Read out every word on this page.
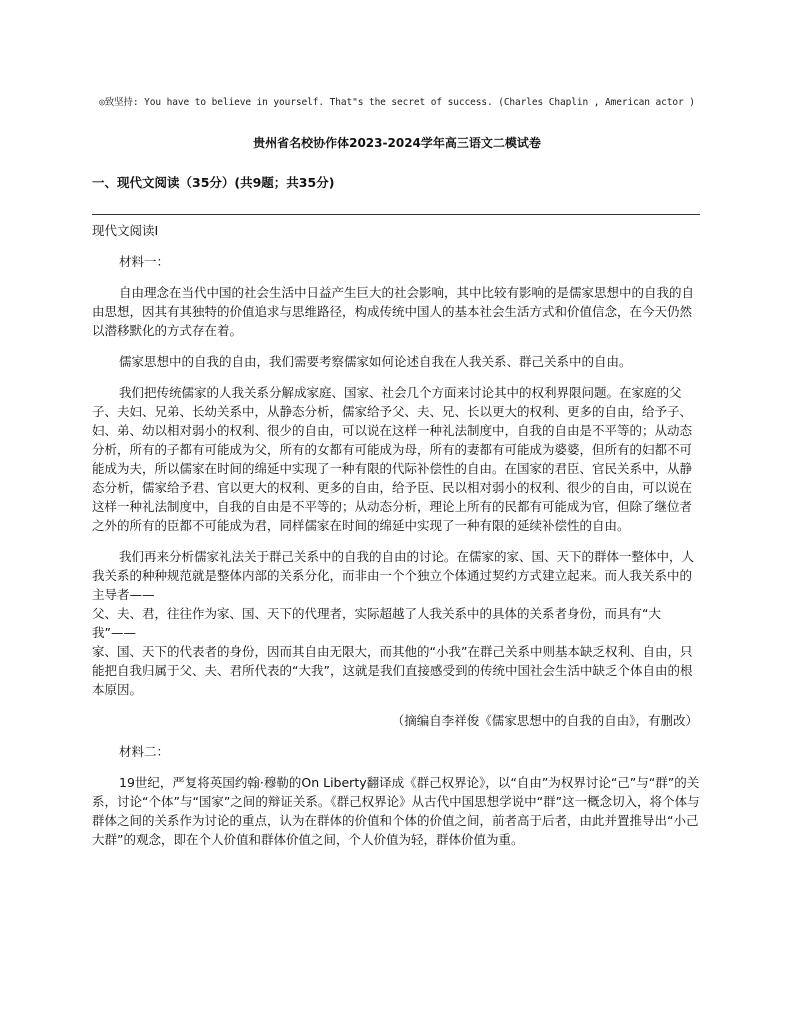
◎致坚持: You have to believe in yourself. That"s the secret of success. (Charles Chaplin , American actor )
贵州省名校协作体2023-2024学年高三语文二模试卷
一、现代文阅读（35分）(共9题；共35分)

现代文阅读Ⅰ

材料一：

自由理念在当代中国的社会生活中日益产生巨大的社会影响，其中比较有影响的是儒家思想中的自我的自由思想，因其有其独特的价值追求与思维路径，构成传统中国人的基本社会生活方式和价值信念，在今天仍然以潜移默化的方式存在着。

儒家思想中的自我的自由，我们需要考察儒家如何论述自我在人我关系、群己关系中的自由。

我们把传统儒家的人我关系分解成家庭、国家、社会几个方面来讨论其中的权利界限问题。在家庭的父子、夫妇、兄弟、长幼关系中，从静态分析，儒家给予父、夫、兄、长以更大的权利、更多的自由，给予子、妇、弟、幼以相对弱小的权利、很少的自由，可以说在这样一种礼法制度中，自我的自由是不平等的；从动态分析，所有的子都有可能成为父，所有的女都有可能成为母，所有的妻都有可能成为婆婆，但所有的妇都不可能成为夫，所以儒家在时间的绵延中实现了一种有限的代际补偿性的自由。在国家的君臣、官民关系中，从静态分析，儒家给予君、官以更大的权利、更多的自由，给予臣、民以相对弱小的权利、很少的自由，可以说在这样一种礼法制度中，自我的自由是不平等的；从动态分析，理论上所有的民都有可能成为官，但除了继位者之外的所有的臣都不可能成为君，同样儒家在时间的绵延中实现了一种有限的延续补偿性的自由。

我们再来分析儒家礼法关于群己关系中的自我的自由的讨论。在儒家的家、国、天下的群体一整体中，人我关系的种种规范就是整体内部的关系分化，而非由一个个独立个体通过契约方式建立起来。而人我关系中的主导者——

父、夫、君，往往作为家、国、天下的代理者，实际超越了人我关系中的具体的关系者身份，而具有“大我”——

家、国、天下的代表者的身份，因而其自由无限大，而其他的“小我”在群己关系中则基本缺乏权利、自由，只能把自我归属于父、夫、君所代表的“大我”，这就是我们直接感受到的传统中国社会生活中缺乏个体自由的根本原因。

（摘编自李祥俊《儒家思想中的自我的自由》，有删改）

材料二：

19世纪，严复将英国约翰·穆勒的On Liberty翻译成《群己权界论》，以“自由”为权界讨论“己”与“群”的关系，讨论“个体”与“国家”之间的辩证关系。《群己权界论》从古代中国思想学说中“群”这一概念切入，将个体与群体之间的关系作为讨论的重点，认为在群体的价值和个体的价值之间，前者高于后者，由此并置推导出“小己大群”的观念，即在个人价值和群体价值之间，个人价值为轻，群体价值为重。
